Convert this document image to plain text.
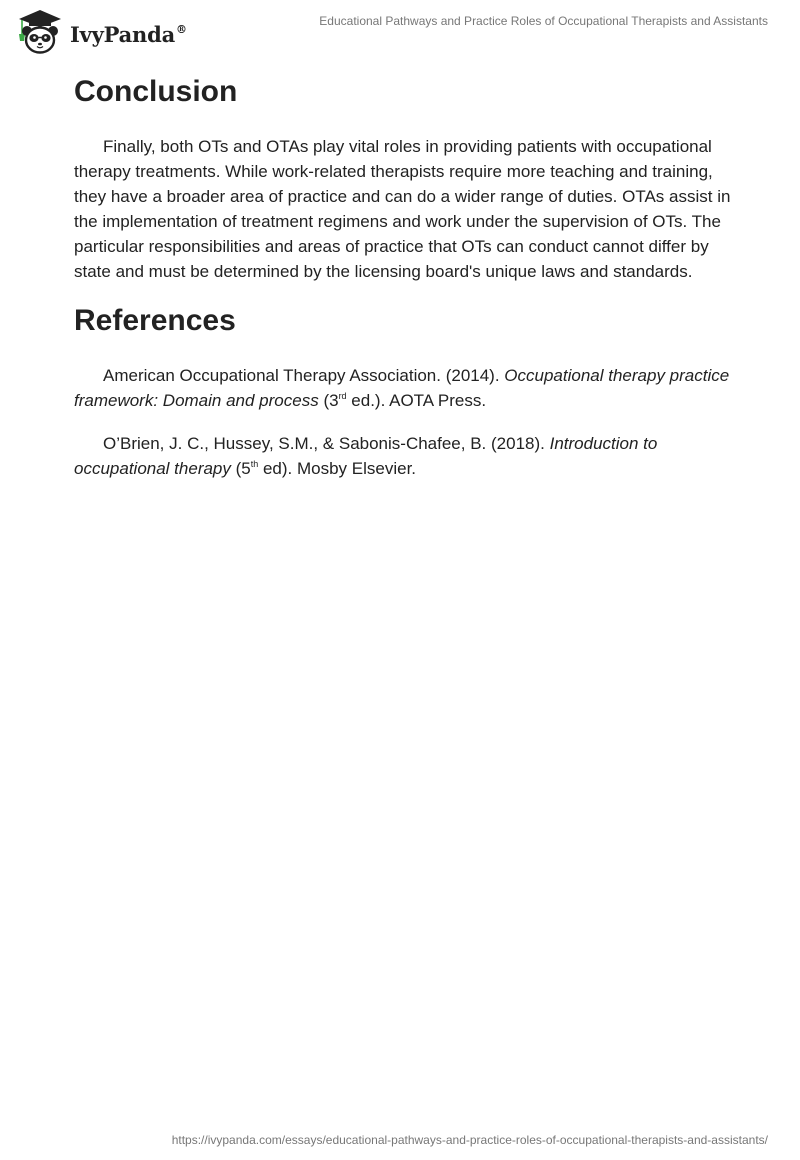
IvyPanda®
Educational Pathways and Practice Roles of Occupational Therapists and Assistants
Conclusion

Finally, both OTs and OTAs play vital roles in providing patients with occupational therapy treatments. While work-related therapists require more teaching and training, they have a broader area of practice and can do a wider range of duties. OTAs assist in the implementation of treatment regimens and work under the supervision of OTs. The particular responsibilities and areas of practice that OTs can conduct cannot differ by state and must be determined by the licensing board's unique laws and standards.

References

American Occupational Therapy Association. (2014). Occupational therapy practice framework: Domain and process (3rd ed.). AOTA Press.

O’Brien, J. C., Hussey, S.M., & Sabonis-Chafee, B. (2018). Introduction to occupational therapy (5th ed). Mosby Elsevier.

https://ivypanda.com/essays/educational-pathways-and-practice-roles-of-occupational-therapists-and-assistants/
